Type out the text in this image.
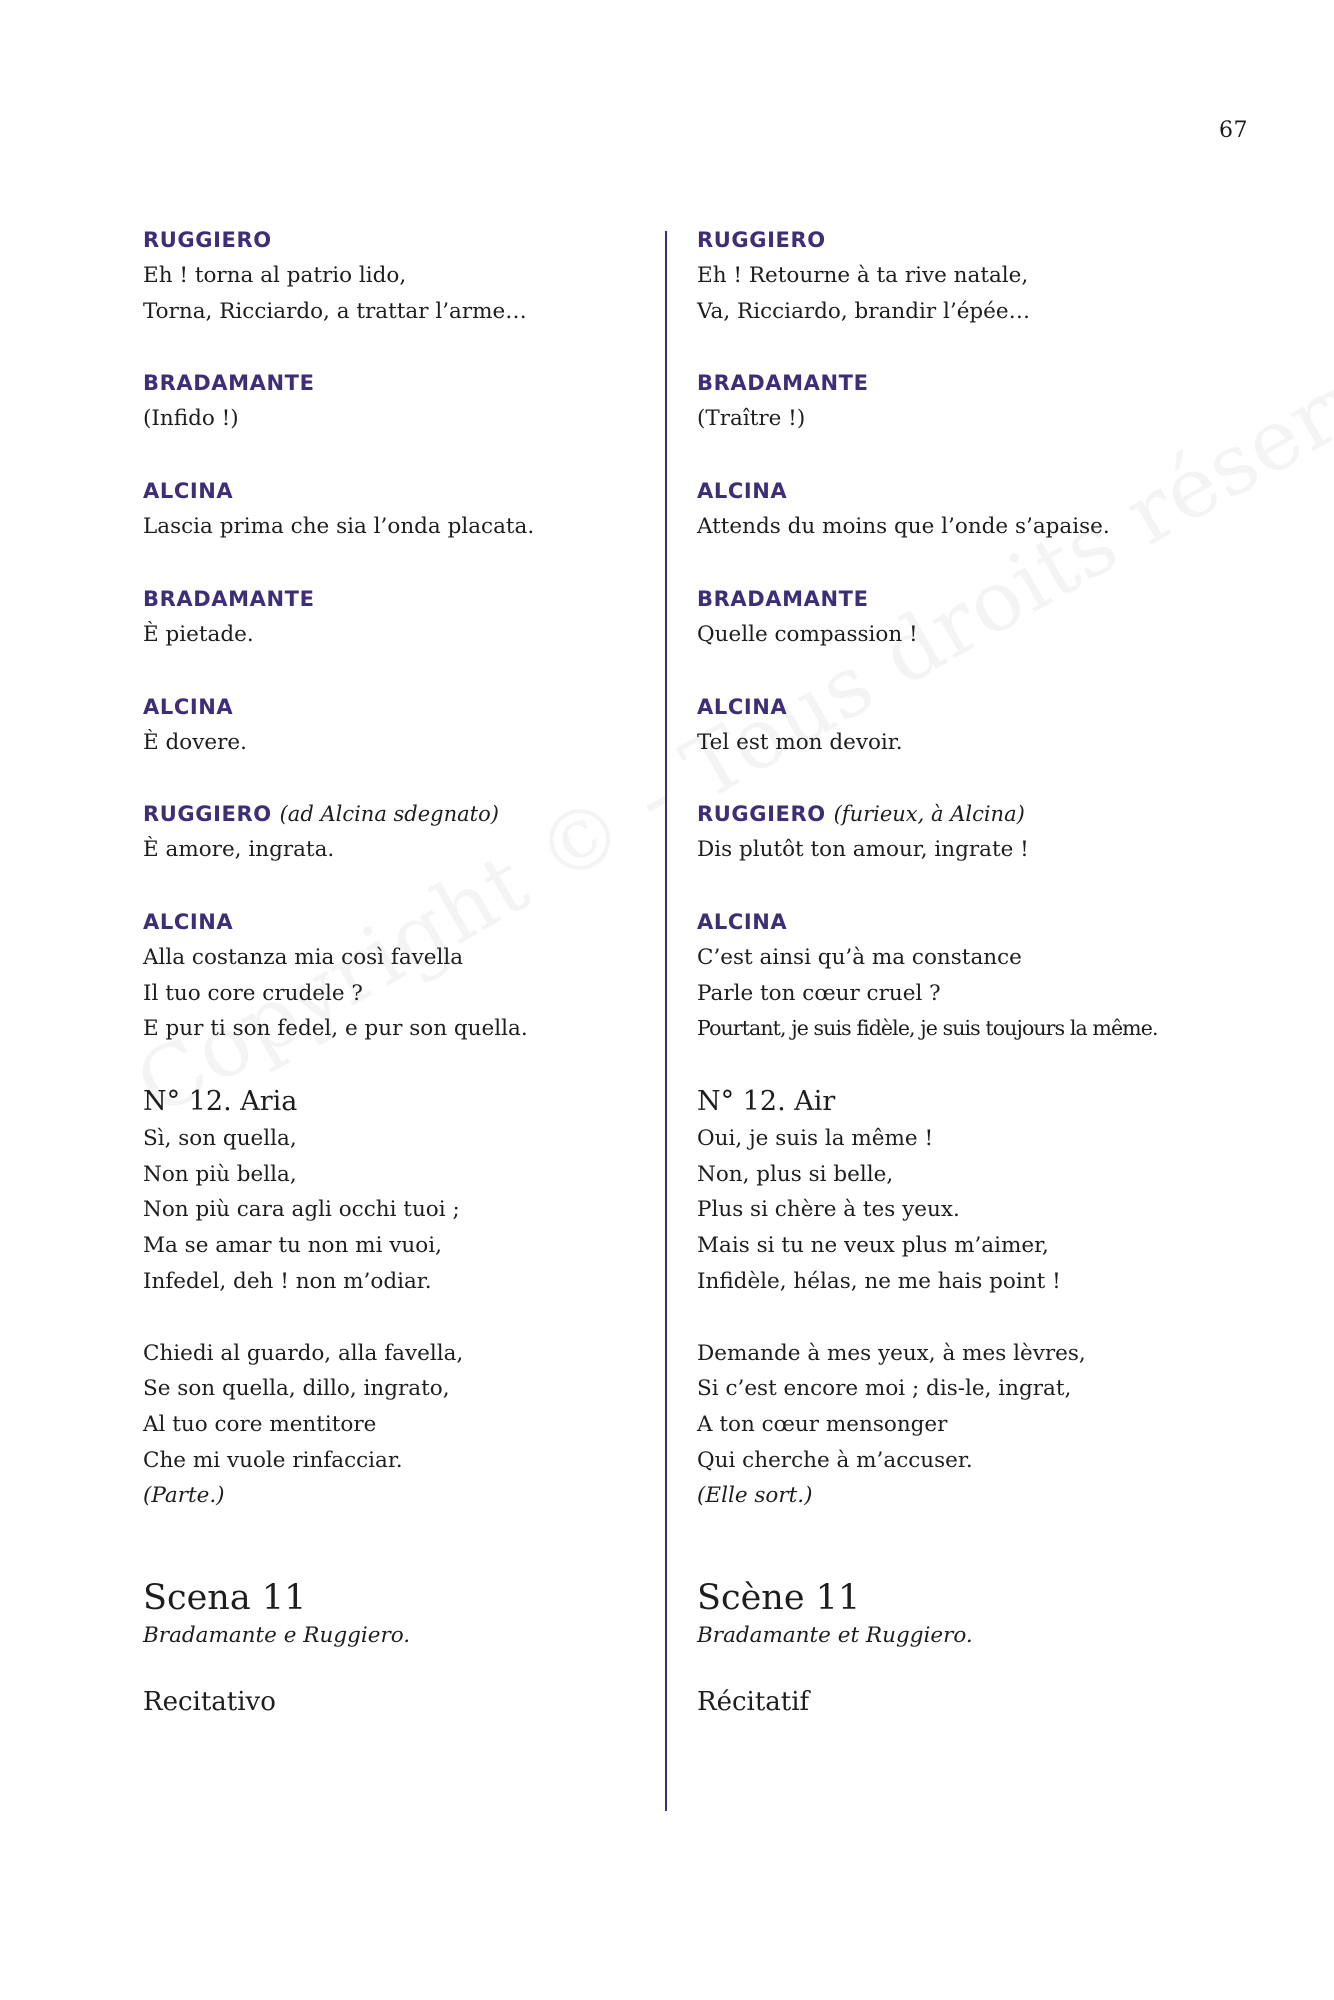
67
RUGGIERO
Eh ! torna al patrio lido,
Torna, Ricciardo, a trattar l’arme…
BRADAMANTE
(Infido !)
ALCINA
Lascia prima che sia l’onda placata.
BRADAMANTE
È pietade.
ALCINA
È dovere.
RUGGIERO (ad Alcina sdegnato)
È amore, ingrata.
ALCINA
Alla costanza mia così favella
Il tuo core crudele ?
E pur ti son fedel, e pur son quella.
N° 12. Aria
Sì, son quella,
Non più bella,
Non più cara agli occhi tuoi ;
Ma se amar tu non mi vuoi,
Infedel, deh ! non m’odiar.
Chiedi al guardo, alla favella,
Se son quella, dillo, ingrato,
Al tuo core mentitore
Che mi vuole rinfacciar.
(Parte.)
Scena 11
Bradamante e Ruggiero.
Recitativo
RUGGIERO
Eh ! Retourne à ta rive natale,
Va, Ricciardo, brandir l’épée…
BRADAMANTE
(Traître !)
ALCINA
Attends du moins que l’onde s’apaise.
BRADAMANTE
Quelle compassion !
ALCINA
Tel est mon devoir.
RUGGIERO (furieux, à Alcina)
Dis plutôt ton amour, ingrate !
ALCINA
C’est ainsi qu’à ma constance
Parle ton cœur cruel ?
Pourtant, je suis fidèle, je suis toujours la même.
N° 12. Air
Oui, je suis la même !
Non, plus si belle,
Plus si chère à tes yeux.
Mais si tu ne veux plus m’aimer,
Infidèle, hélas, ne me hais point !
Demande à mes yeux, à mes lèvres,
Si c’est encore moi ; dis-le, ingrat,
A ton cœur mensonger
Qui cherche à m’accuser.
(Elle sort.)
Scène 11
Bradamante et Ruggiero.
Récitatif
